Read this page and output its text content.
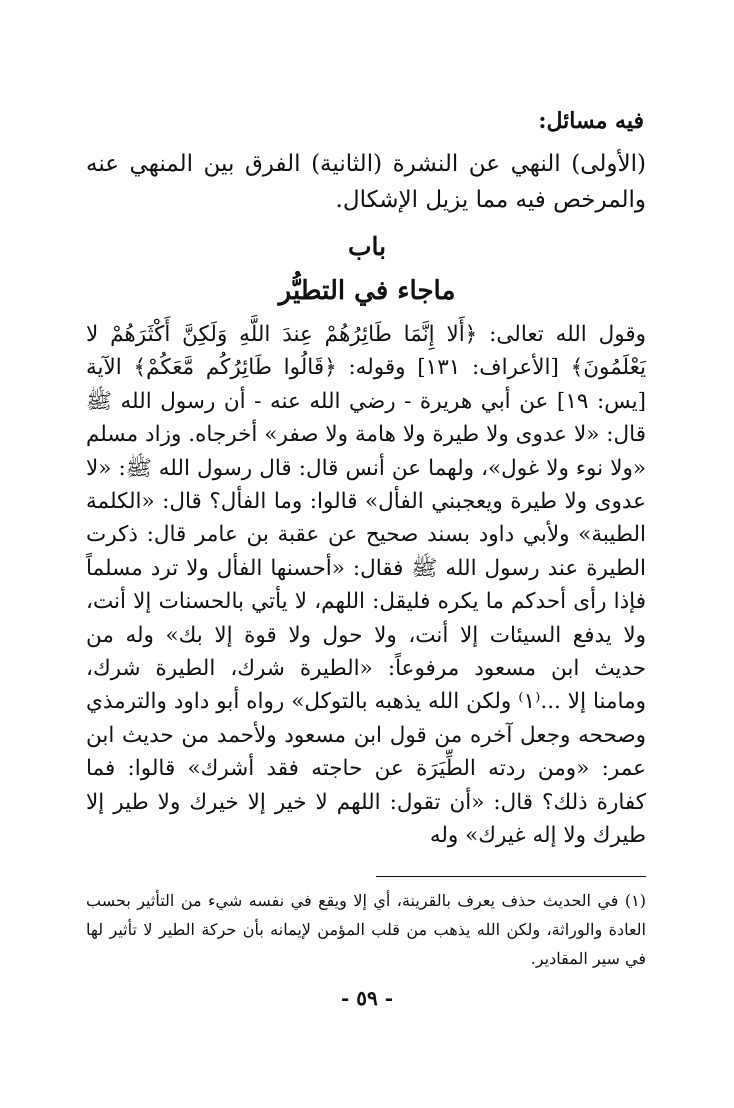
فيه مسائل:
(الأولى) النهي عن النشرة (الثانية) الفرق بين المنهي عنه والمرخص فيه مما يزيل الإشكال.
باب
ماجاء في التطيُّر

وقول الله تعالى: ﴿أَلا إِنَّمَا طَائِرُهُمْ عِندَ اللَّهِ وَلَكِنَّ أَكْثَرَهُمْ لا يَعْلَمُونَ﴾ [الأعراف: ١٣١] وقوله: ﴿قَالُوا طَائِرُكُم مَّعَكُمْ﴾ الآية [يس: ١٩] عن أبي هريرة - رضي الله عنه - أن رسول الله ﷺ قال: «لا عدوى ولا طيرة ولا هامة ولا صفر» أخرجاه. وزاد مسلم «ولا نوء ولا غول»، ولهما عن أنس قال: قال رسول الله ﷺ: «لا عدوى ولا طيرة ويعجبني الفأل» قالوا: وما الفأل؟ قال: «الكلمة الطيبة» ولأبي داود بسند صحيح عن عقبة بن عامر قال: ذكرت الطيرة عند رسول الله ﷺ فقال: «أحسنها الفأل ولا ترد مسلماً فإذا رأى أحدكم ما يكره فليقل: اللهم، لا يأتي بالحسنات إلا أنت، ولا يدفع السيئات إلا أنت، ولا حول ولا قوة إلا بك» وله من حديث ابن مسعود مرفوعاً: «الطيرة شرك، الطيرة شرك، ومامنا إلا ...⁽١⁾ ولكن الله يذهبه بالتوكل» رواه أبو داود والترمذي وصححه وجعل آخره من قول ابن مسعود ولأحمد من حديث ابن عمر: «ومن ردته الطِّيَرَة عن حاجته فقد أشرك» قالوا: فما كفارة ذلك؟ قال: «أن تقول: اللهم لا خير إلا خيرك ولا طير إلا طيرك ولا إله غيرك» وله

(١) في الحديث حذف يعرف بالقرينة، أي إلا ويقع في نفسه شيء من التأثير بحسب العادة والوراثة، ولكن الله يذهب من قلب المؤمن لإيمانه بأن حركة الطير لا تأثير لها في سير المقادير.
- ٥٩ -
